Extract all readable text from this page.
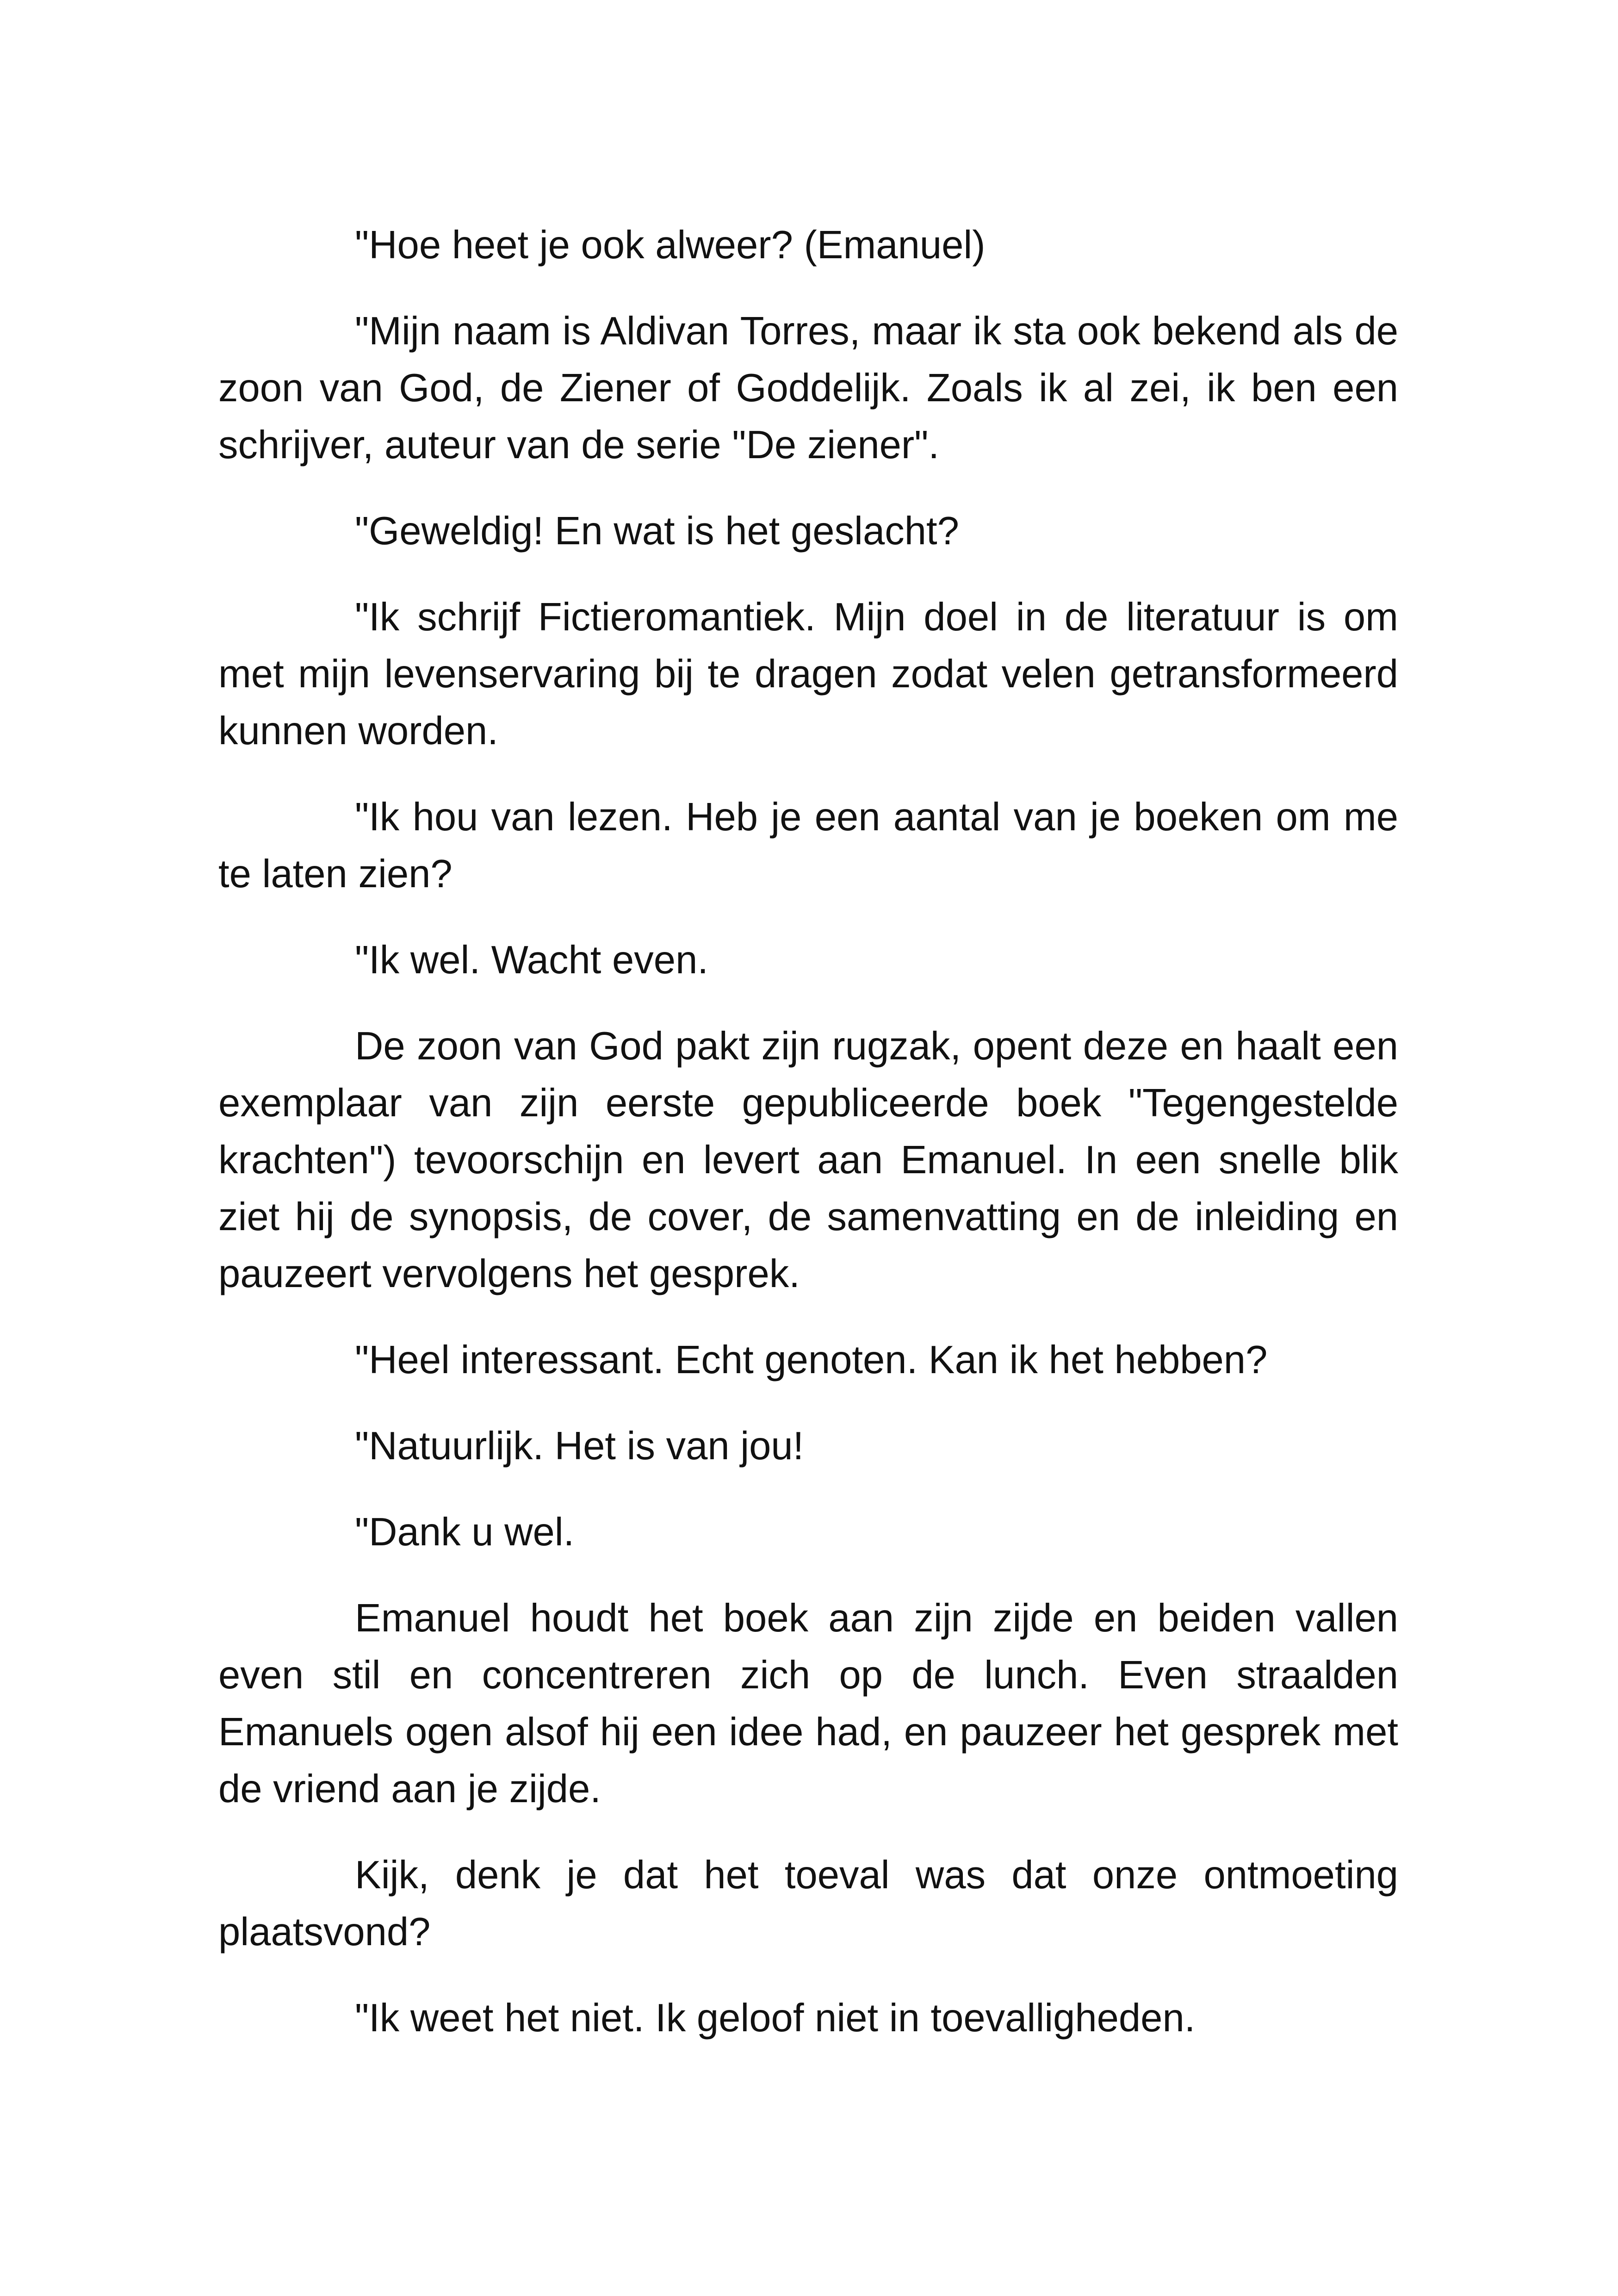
"Hoe heet je ook alweer? (Emanuel)

"Mijn naam is Aldivan Torres, maar ik sta ook bekend als de zoon van God, de Ziener of Goddelijk. Zoals ik al zei, ik ben een schrijver, auteur van de serie "De ziener".

"Geweldig! En wat is het geslacht?

"Ik schrijf Fictieromantiek. Mijn doel in de literatuur is om met mijn levenservaring bij te dragen zodat velen getransformeerd kunnen worden.

"Ik hou van lezen. Heb je een aantal van je boeken om me te laten zien?

"Ik wel. Wacht even.

De zoon van God pakt zijn rugzak, opent deze en haalt een exemplaar van zijn eerste gepubliceerde boek "Tegengestelde krachten") tevoorschijn en levert aan Emanuel. In een snelle blik ziet hij de synopsis, de cover, de samenvatting en de inleiding en pauzeert vervolgens het gesprek.

"Heel interessant. Echt genoten. Kan ik het hebben?

"Natuurlijk. Het is van jou!

"Dank u wel.

Emanuel houdt het boek aan zijn zijde en beiden vallen even stil en concentreren zich op de lunch. Even straalden Emanuels ogen alsof hij een idee had, en pauzeer het gesprek met de vriend aan je zijde.

Kijk, denk je dat het toeval was dat onze ontmoeting plaatsvond?

"Ik weet het niet. Ik geloof niet in toevalligheden.
